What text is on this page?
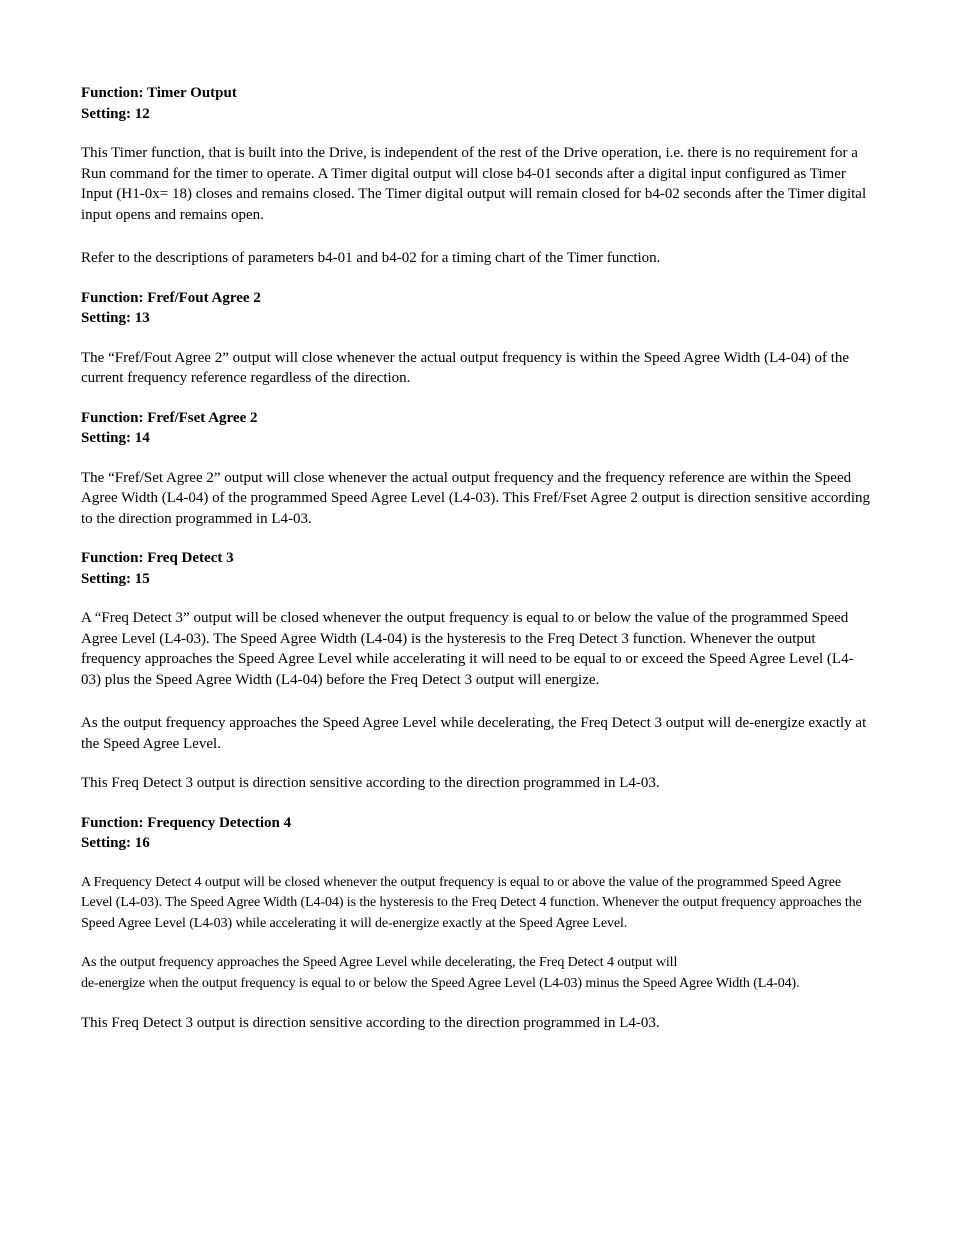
Function: Timer Output

Setting: 12

This Timer function, that is built into the Drive, is independent of the rest of the Drive operation, i.e. there is no requirement for a Run command for the timer to operate. A Timer digital output will close b4-01 seconds after a digital input configured as Timer Input (H1-0x= 18) closes and remains closed. The Timer digital output will remain closed for b4-02 seconds after the Timer digital input opens and remains open.

Refer to the descriptions of parameters b4-01 and b4-02 for a timing chart of the Timer function.

Function: Fref/Fout Agree 2

Setting: 13

The “Fref/Fout Agree 2” output will close whenever the actual output frequency is within the Speed Agree Width (L4-04) of the current frequency reference regardless of the direction.

Function: Fref/Fset Agree 2

Setting: 14

The “Fref/Set Agree 2” output will close whenever the actual output frequency and the frequency reference are within the Speed Agree Width (L4-04) of the programmed Speed Agree Level (L4-03). This Fref/Fset Agree 2 output is direction sensitive according to the direction programmed in L4-03.

Function: Freq Detect 3

Setting: 15

A “Freq Detect 3” output will be closed whenever the output frequency is equal to or below the value of the programmed Speed Agree Level (L4-03). The Speed Agree Width (L4-04) is the hysteresis to the Freq Detect 3 function. Whenever the output frequency approaches the Speed Agree Level while accelerating it will need to be equal to or exceed the Speed Agree Level (L4-03) plus the Speed Agree Width (L4-04) before the Freq Detect 3 output will energize.

As the output frequency approaches the Speed Agree Level while decelerating, the Freq Detect 3 output will de-energize exactly at the Speed Agree Level.

This Freq Detect 3 output is direction sensitive according to the direction programmed in L4-03.

Function: Frequency Detection 4

Setting: 16

A Frequency Detect 4 output will be closed whenever the output frequency is equal to or above the value of the programmed Speed Agree Level (L4-03). The Speed Agree Width (L4-04) is the hysteresis to the Freq Detect 4 function. Whenever the output frequency approaches the Speed Agree Level (L4-03) while accelerating it will de-energize exactly at the Speed Agree Level.

As the output frequency approaches the Speed Agree Level while decelerating, the Freq Detect 4 output will
de-energize when the output frequency is equal to or below the Speed Agree Level (L4-03) minus the Speed Agree Width (L4-04).

This Freq Detect 3 output is direction sensitive according to the direction programmed in L4-03.
